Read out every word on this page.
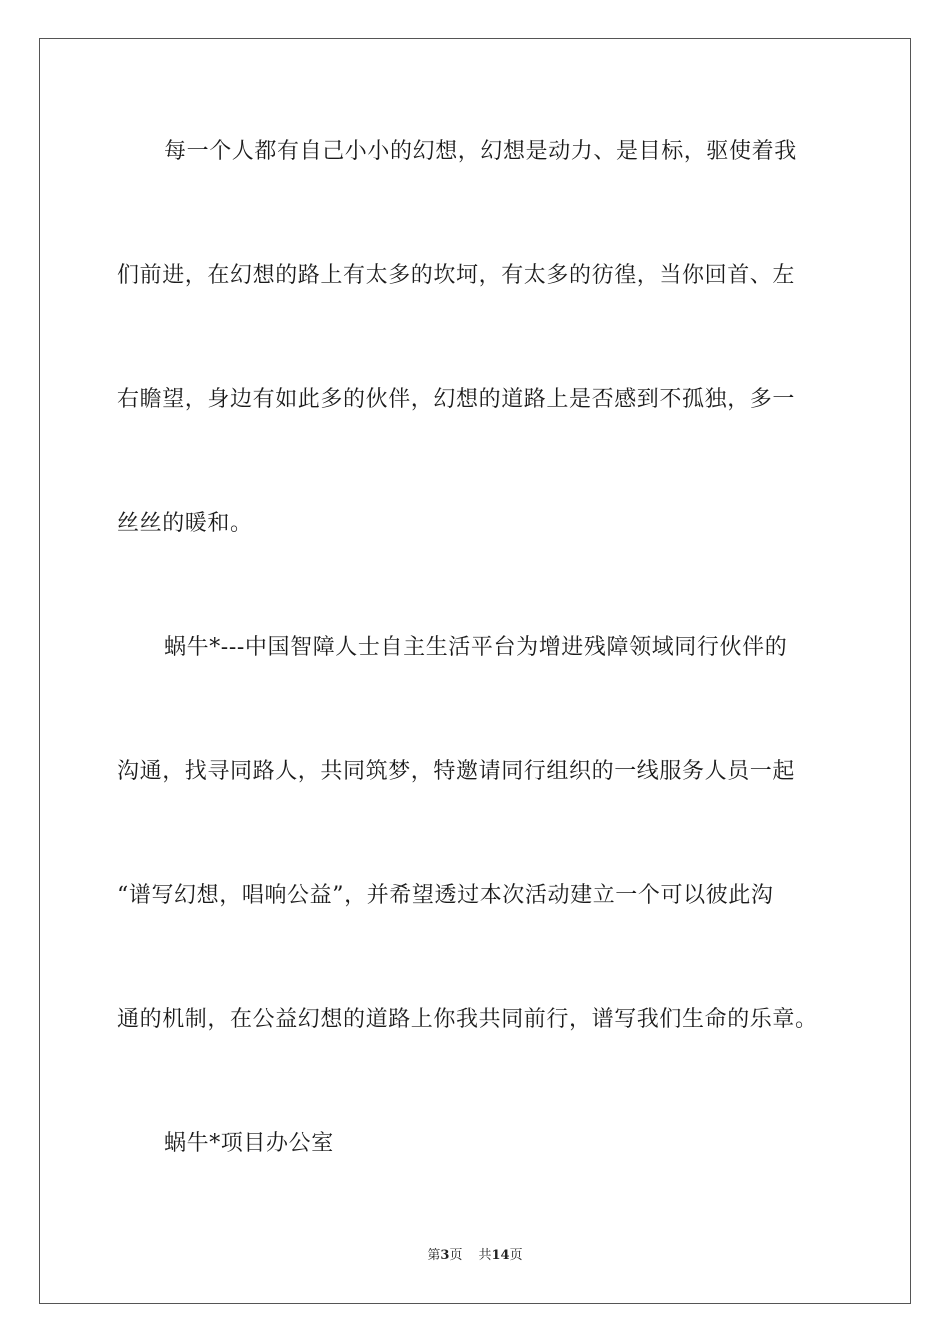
每一个人都有自己小小的幻想，幻想是动力、是目标，驱使着我
们前进，在幻想的路上有太多的坎坷，有太多的彷徨，当你回首、左
右瞻望，身边有如此多的伙伴，幻想的道路上是否感到不孤独，多一
丝丝的暖和。
蜗牛*---中国智障人士自主生活平台为增进残障领域同行伙伴的
沟通，找寻同路人，共同筑梦，特邀请同行组织的一线服务人员一起
“谱写幻想，唱响公益”，并希望透过本次活动建立一个可以彼此沟
通的机制，在公益幻想的道路上你我共同前行，谱写我们生命的乐章。
蜗牛*项目办公室
第3页 共14页
